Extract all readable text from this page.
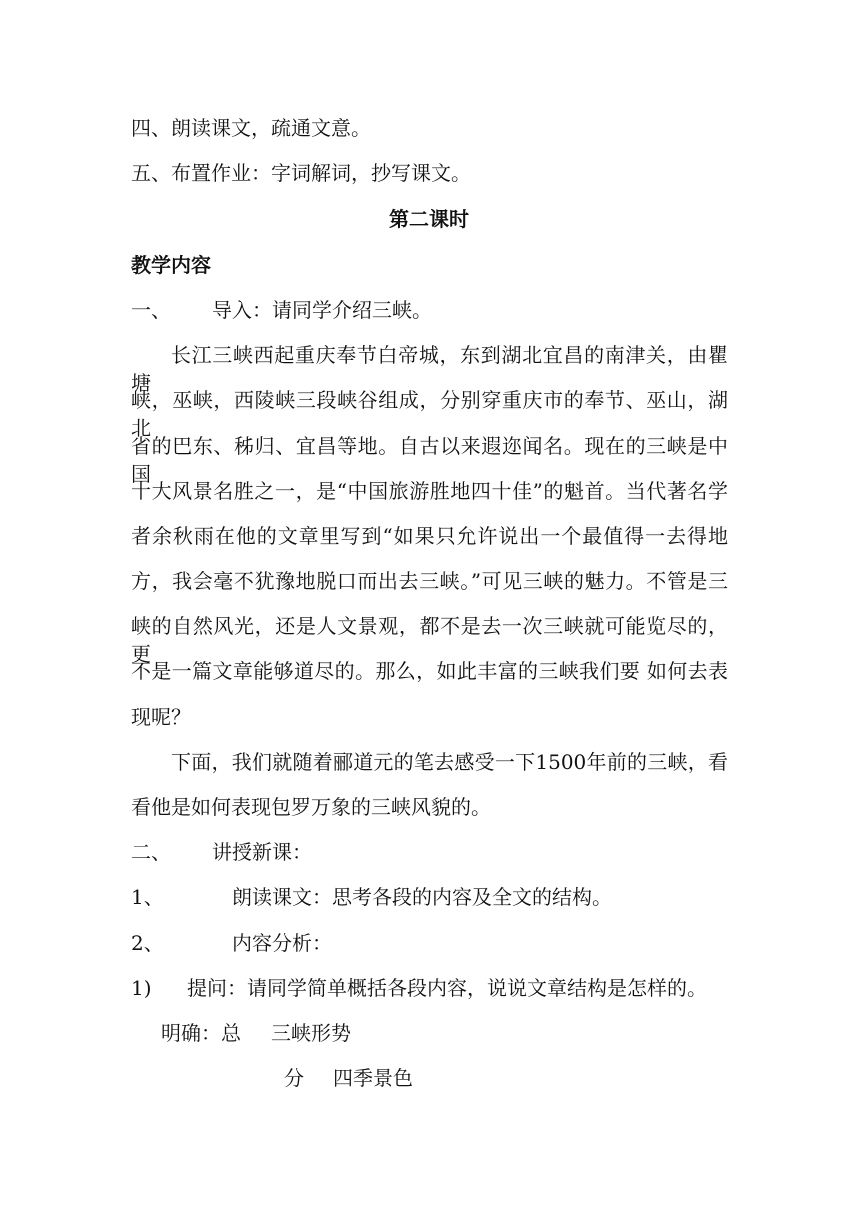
四、朗读课文，疏通文意。
五、布置作业：字词解词，抄写课文。
第二课时
教学内容
一、 导入：请同学介绍三峡。
长江三峡西起重庆奉节白帝城，东到湖北宜昌的南津关，由瞿塘
峡，巫峡，西陵峡三段峡谷组成，分别穿重庆市的奉节、巫山，湖北
省的巴东、秭归、宜昌等地。自古以来遐迩闻名。现在的三峡是中国
十大风景名胜之一，是“中国旅游胜地四十佳”的魁首。当代著名学
者余秋雨在他的文章里写到“如果只允许说出一个最值得一去得地
方，我会毫不犹豫地脱口而出去三峡。”可见三峡的魅力。不管是三
峡的自然风光，还是人文景观，都不是去一次三峡就可能览尽的，更
不是一篇文章能够道尽的。那么，如此丰富的三峡我们要 如何去表
现呢？
下面，我们就随着郦道元的笔去感受一下1500年前的三峡，看
看他是如何表现包罗万象的三峡风貌的。
二、 讲授新课：
1、	朗读课文：思考各段的内容及全文的结构。
2、	内容分析：
1) 提问：请同学简单概括各段内容，说说文章结构是怎样的。
明确：总 三峡形势
分 四季景色
